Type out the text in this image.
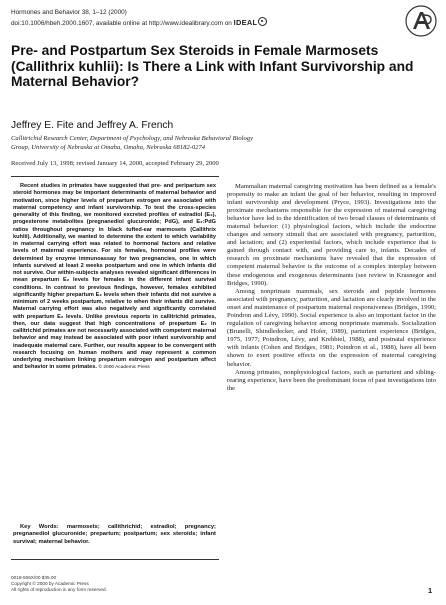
Hormones and Behavior 38, 1–12 (2000)
doi:10.1006/hbeh.2000.1607, available online at http://www.idealibrary.com on IDEAL
Pre- and Postpartum Sex Steroids in Female Marmosets (Callithrix kuhlii): Is There a Link with Infant Survivorship and Maternal Behavior?
Jeffrey E. Fite and Jeffrey A. French
Callitrichid Research Center, Department of Psychology, and Nebraska Behavioral Biology
Group, University of Nebraska at Omaha, Omaha, Nebraska 68182-0274
Received July 13, 1998; revised January 14, 2000, accepted February 29, 2000

Recent studies in primates have suggested that pre- and peripartum sex steroid hormones may be important determinants of maternal behavior and motivation, since higher levels of prepartum estrogen are associated with maternal competency and infant survivorship. To test the cross-species generality of this finding, we monitored excreted profiles of estradiol (E₂), progesterone metabolites (pregnanediol glucuronide; PdG), and E₂:PdG ratios throughout pregnancy in black tufted-ear marmosets (Callithrix kuhlii). Additionally, we wanted to determine the extent to which variability in maternal carrying effort was related to hormonal factors and relative levels of maternal experience. For six females, hormonal profiles were determined by enzyme immunoassay for two pregnancies, one in which infants survived at least 2 weeks postpartum and one in which infants did not survive. Our within-subjects analyses revealed significant differences in mean prepartum E₂ levels for females in the different infant survival conditions. In contrast to previous findings, however, females exhibited significantly higher prepartum E₂ levels when their infants did not survive a minimum of 2 weeks postpartum, relative to when their infants did survive. Maternal carrying effort was also negatively and significantly correlated with prepartum E₂ levels. Unlike previous reports in callitrichid primates, then, our data suggest that high concentrations of prepartum E₂ in callitrichid primates are not necessarily associated with competent maternal behavior and may instead be associated with poor infant survivorship and inadequate maternal care. Further, our results appear to be convergent with research focusing on human mothers and may represent a common underlying mechanism linking prepartum estrogen and postpartum affect and behavior in some primates. © 2000 Academic Press

Key Words: marmosets; callithrichid; estradiol; pregnancy; pregnanediol glucuronide; prepartum; postpartum; sex steroids; infant survival; maternal behavior.

Mammalian maternal caregiving motivation has been defined as a female's propensity to make an infant the goal of her behavior, resulting in improved infant survivorship and development (Pryce, 1993). Investigations into the proximate mechanisms responsible for the expression of maternal caregiving behavior have led to the identification of two broad classes of determinants of maternal behavior: (1) physiological factors, which include the endocrine changes and sensory stimuli that are associated with pregnancy, parturition, and lactation; and (2) experiential factors, which include experience that is gained through contact with, and providing care to, infants. Decades of research on proximate mechanisms have revealed that the expression of competent maternal behavior is the outcome of a complex interplay between these endogenous and exogenous determinants (see review in Krasnegor and Bridges, 1990).

Among nonprimate mammals, sex steroids and peptide hormones associated with pregnancy, parturition, and lactation are clearly involved in the onset and maintenance of postpartum maternal responsiveness (Bridges, 1990; Poindron and Lévy, 1990). Social experience is also an important factor in the regulation of caregiving behavior among nonprimate mammals. Socialization (Brunelli, Shindledecker, and Hofer, 1989), parturient experience (Bridges, 1975, 1977; Poindron, Lévy, and Krehbiel, 1988), and postnatal experience with infants (Cohen and Bridges, 1981; Poindron et al., 1988), have all been shown to exert positive effects on the expression of maternal caregiving behavior.

Among primates, nonphysiological factors, such as parturient and sibling-rearing experience, have been the predominant focus of past investigations into the

0018-506X/00 $35.00
Copyright © 2000 by Academic Press
All rights of reproduction in any form reserved.	1
